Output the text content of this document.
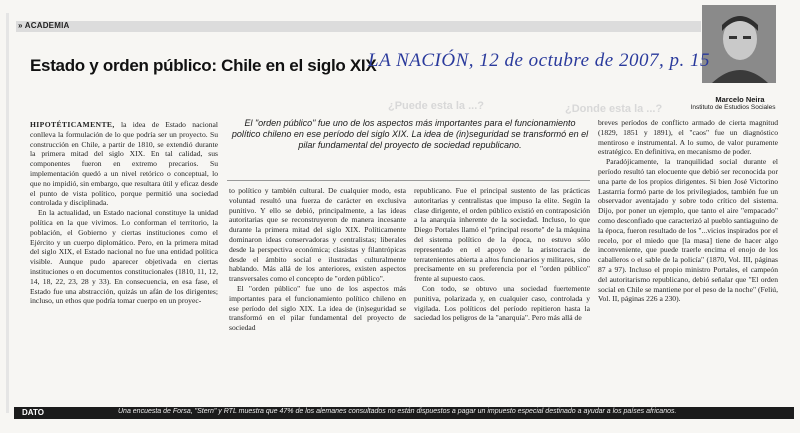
» ACADEMIA
Estado y orden público: Chile en el siglo XIX
LA NACIÓN, 12 de octubre de 2007, p. 15
¿Puede esta la ...?	¿Donde esta la ...?
Marcelo Neira
Instituto de Estudios Sociales
El "orden público" fue uno de los aspectos más importantes para el funcionamiento político chileno en ese período del siglo XIX. La idea de (in)seguridad se transformó en el pilar fundamental del proyecto de sociedad republicano.

HIPOTÉTICAMENTE, la idea de Estado nacional conlleva la formulación de lo que podría ser un proyecto. Su construcción en Chile, a partir de 1810, se extendió durante la primera mitad del siglo XIX. En tal calidad, sus componentes fueron en extremo precarios. Su implementación quedó a un nivel retórico o conceptual, lo que no impidió, sin embargo, que resultara útil y eficaz desde el punto de vista político, porque permitió una sociedad controlada y disciplinada.

En la actualidad, un Estado nacional constituye la unidad política en la que vivimos. Lo conforman el territorio, la población, el Gobierno y ciertas instituciones como el Ejército y un cuerpo diplomático. Pero, en la primera mitad del siglo XIX, el Estado nacional no fue una entidad política visible. Aunque pudo aparecer objetivada en ciertas instituciones o en documentos constitucionales (1810, 11, 12, 14, 18, 22, 23, 28 y 33). En consecuencia, en esa fase, el Estado fue una abstracción, quizás un afán de los dirigentes; incluso, un ethos que podría tomar cuerpo en un proyec-

to político y también cultural. De cualquier modo, esta voluntad resultó una fuerza de carácter en exclusiva punitivo. Y ello se debió, principalmente, a las ideas autoritarias que se reconstruyeron de manera incesante durante la primera mitad del siglo XIX. Políticamente dominaron ideas conservadoras y centralistas; liberales desde la perspectiva económica; clasistas y filantrópicas desde el ámbito social e ilustradas culturalmente hablando. Más allá de los anteriores, existen aspectos transversales como el concepto de "orden público".

El "orden público" fue uno de los aspectos más importantes para el funcionamiento político chileno en ese período del siglo XIX. La idea de (in)seguridad se transformó en el pilar fundamental del proyecto de sociedad

republicano. Fue el principal sustento de las prácticas autoritarias y centralistas que impuso la elite. Según la clase dirigente, el orden público existió en contraposición a la anarquía inherente de la sociedad. Incluso, lo que Diego Portales llamó el "principal resorte" de la máquina del sistema político de la época, no estuvo sólo representado en el apoyo de la aristocracia de terratenientes abierta a altos funcionarios y militares, sino precisamente en su preferencia por el "orden público" frente al supuesto caos.

Con todo, se obtuvo una sociedad fuertemente punitiva, polarizada y, en cualquier caso, controlada y vigilada. Los políticos del período repitieron hasta la saciedad los peligros de la "anarquía". Pero más allá de

breves períodos de conflicto armado de cierta magnitud (1829, 1851 y 1891), el "caos" fue un diagnóstico mentiroso e instrumental. A lo sumo, de valor puramente estratégico. En definitiva, en mecanismo de poder.

Paradójicamente, la tranquilidad social durante el período resultó tan elocuente que debió ser reconocida por una parte de los propios dirigentes. Si bien José Victorino Lastarria formó parte de los privilegiados, también fue un observador aventajado y sobre todo crítico del sistema. Dijo, por poner un ejemplo, que tanto el aire "empacado" como desconfiado que caracterizó al pueblo santiaguino de la época, fueron resultado de los "...vicios inspirados por el recelo, por el miedo que [la masa] tiene de hacer algo inconveniente, que puede traerle encima el enojo de los caballeros o el sable de la policía" (1870, Vol. III, páginas 87 a 97). Incluso el propio ministro Portales, el campeón del autoritarismo republicano, debió señalar que "El orden social en Chile se mantiene por el peso de la noche" (Feliú, Vol. II, páginas 226 a 230).

DATO	Una encuesta de Forsa, "Stern" y RTL muestra que 47% de los alemanes consultados no están dispuestos a pagar un impuesto especial destinado a ayudar a los países africanos.
